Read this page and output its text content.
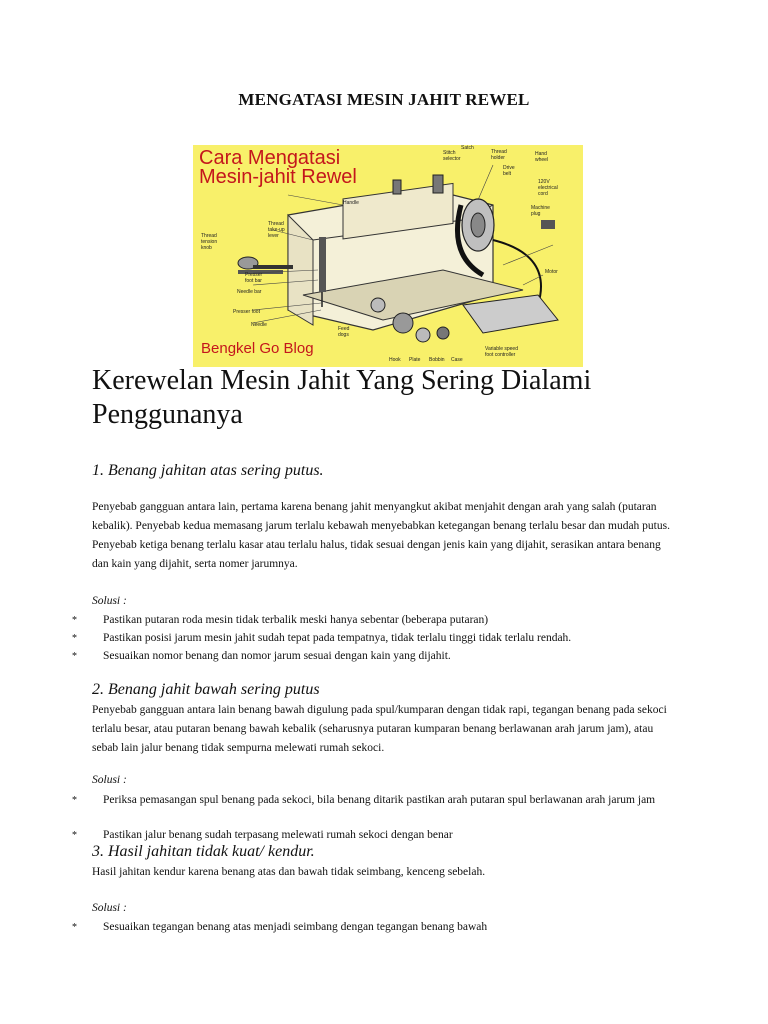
MENGATASI MESIN JAHIT REWEL
Stitch
selector
Satch
Thread
holder
Drive
belt
Hand
wheel
120V
electrical
cord
Machine
plug
Handle
Thread
take-up
lever
Thread
tension
knob
Presser
foot bar
Needle bar
Presser foot
Needle
Feed
dogs
Motor
Variable speed
foot controller
Hook Plate Bobbin Case
Cara Mengatasi Mesin-jahit Rewel
Bengkel Go Blog
Kerewelan Mesin Jahit Yang Sering Dialami Penggunanya
1. Benang jahitan atas sering putus.
Penyebab gangguan antara lain, pertama karena benang jahit menyangkut akibat menjahit dengan arah yang salah (putaran kebalik). Penyebab kedua memasang jarum terlalu kebawah menyebabkan ketegangan benang terlalu besar dan mudah putus. Penyebab ketiga benang terlalu kasar atau terlalu halus, tidak sesuai dengan jenis kain yang dijahit, serasikan antara benang dan kain yang dijahit, serta nomer jarumnya.
Solusi :
* Pastikan putaran roda mesin tidak terbalik meski hanya sebentar (beberapa putaran)
* Pastikan posisi jarum mesin jahit sudah tepat pada tempatnya, tidak terlalu tinggi tidak terlalu rendah.
* Sesuaikan nomor benang dan nomor jarum sesuai dengan kain yang dijahit.
2. Benang jahit bawah sering putus
Penyebab gangguan antara lain benang bawah digulung pada spul/kumparan dengan tidak rapi, tegangan benang pada sekoci terlalu besar, atau putaran benang bawah kebalik (seharusnya putaran kumparan benang berlawanan arah jarum jam), atau sebab lain jalur benang tidak sempurna melewati rumah sekoci.
Solusi :
* Periksa pemasangan spul benang pada sekoci, bila benang ditarik pastikan arah putaran spul berlawanan arah jarum jam
* Pastikan jalur benang sudah terpasang melewati rumah sekoci dengan benar
3. Hasil jahitan tidak kuat/ kendur.
Hasil jahitan kendur karena benang atas dan bawah tidak seimbang, kenceng sebelah.
Solusi :
* Sesuaikan tegangan benang atas menjadi seimbang dengan tegangan benang bawah
